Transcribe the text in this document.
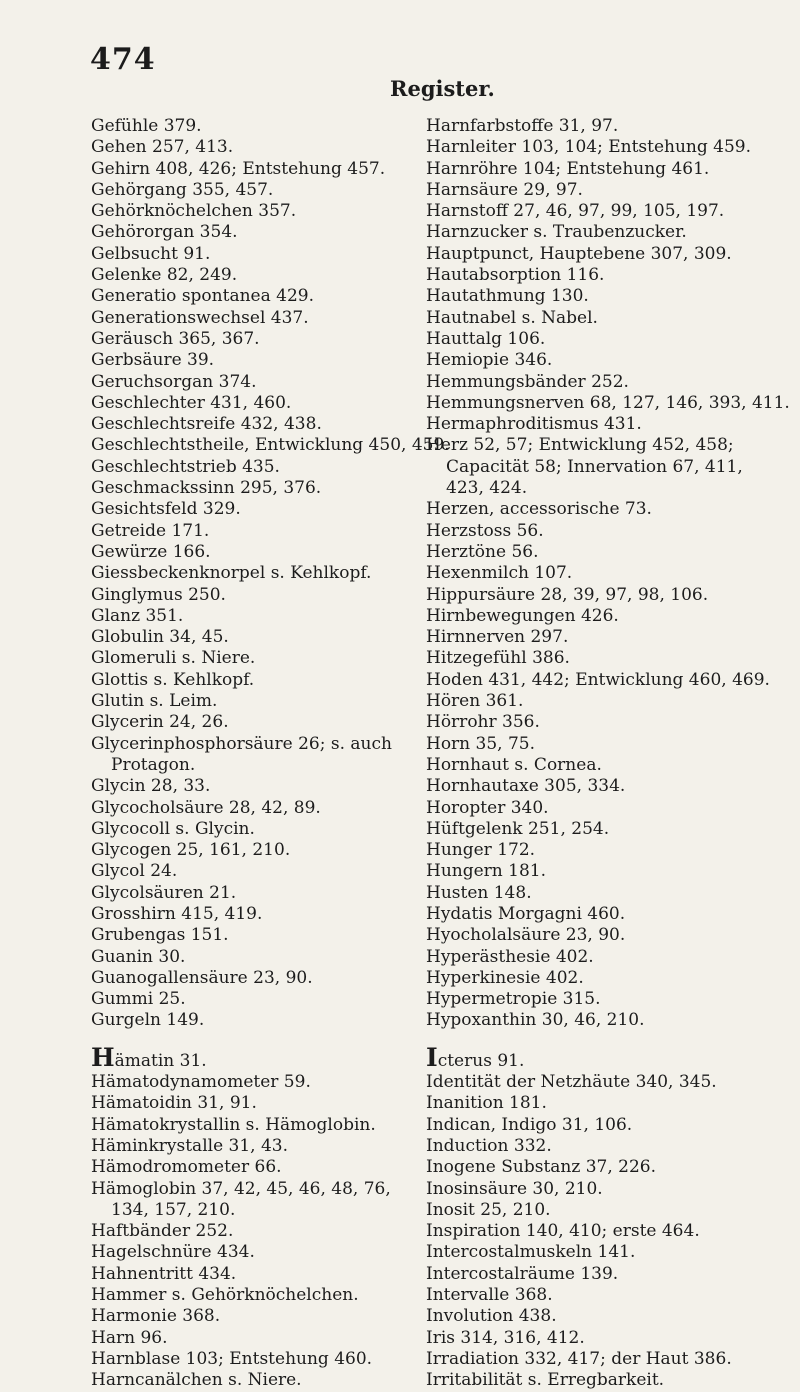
474
Register.
Gefühle 379.
Gehen 257, 413.
Gehirn 408, 426; Entstehung 457.
Gehörgang 355, 457.
Gehörknöchelchen 357.
Gehörorgan 354.
Gelbsucht 91.
Gelenke 82, 249.
Generatio spontanea 429.
Generationswechsel 437.
Geräusch 365, 367.
Gerbsäure 39.
Geruchsorgan 374.
Geschlechter 431, 460.
Geschlechtsreife 432, 438.
Geschlechtstheile, Entwicklung 450, 459.
Geschlechtstrieb 435.
Geschmackssinn 295, 376.
Gesichtsfeld 329.
Getreide 171.
Gewürze 166.
Giessbeckenknorpel s. Kehlkopf.
Ginglymus 250.
Glanz 351.
Globulin 34, 45.
Glomeruli s. Niere.
Glottis s. Kehlkopf.
Glutin s. Leim.
Glycerin 24, 26.
Glycerinphosphorsäure 26; s. auch Protagon.
Glycin 28, 33.
Glycocholsäure 28, 42, 89.
Glycocoll s. Glycin.
Glycogen 25, 161, 210.
Glycol 24.
Glycolsäuren 21.
Grosshirn 415, 419.
Grubengas 151.
Guanin 30.
Guanogallensäure 23, 90.
Gummi 25.
Gurgeln 149.
Hämatin 31.
Hämatodynamometer 59.
Hämatoidin 31, 91.
Hämatokrystallin s. Hämoglobin.
Häminkrystalle 31, 43.
Hämodromometer 66.
Hämoglobin 37, 42, 45, 46, 48, 76, 134, 157, 210.
Haftbänder 252.
Hagelschnüre 434.
Hahnentritt 434.
Hammer s. Gehörknöchelchen.
Harmonie 368.
Harn 96.
Harnblase 103; Entstehung 460.
Harncanälchen s. Niere.
Harnfarbstoffe 31, 97.
Harnleiter 103, 104; Entstehung 459.
Harnröhre 104; Entstehung 461.
Harnsäure 29, 97.
Harnstoff 27, 46, 97, 99, 105, 197.
Harnzucker s. Traubenzucker.
Hauptpunct, Hauptebene 307, 309.
Hautabsorption 116.
Hautathmung 130.
Hautnabel s. Nabel.
Hauttalg 106.
Hemiopie 346.
Hemmungsbänder 252.
Hemmungsnerven 68, 127, 146, 393, 411.
Hermaphroditismus 431.
Herz 52, 57; Entwicklung 452, 458; Capacität 58; Innervation 67, 411, 423, 424.
Herzen, accessorische 73.
Herzstoss 56.
Herztöne 56.
Hexenmilch 107.
Hippursäure 28, 39, 97, 98, 106.
Hirnbewegungen 426.
Hirnnerven 297.
Hitzegefühl 386.
Hoden 431, 442; Entwicklung 460, 469.
Hören 361.
Hörrohr 356.
Horn 35, 75.
Hornhaut s. Cornea.
Hornhautaxe 305, 334.
Horopter 340.
Hüftgelenk 251, 254.
Hunger 172.
Hungern 181.
Husten 148.
Hydatis Morgagni 460.
Hyocholalsäure 23, 90.
Hyperästhesie 402.
Hyperkinesie 402.
Hypermetropie 315.
Hypoxanthin 30, 46, 210.
Icterus 91.
Identität der Netzhäute 340, 345.
Inanition 181.
Indican, Indigo 31, 106.
Induction 332.
Inogene Substanz 37, 226.
Inosinsäure 30, 210.
Inosit 25, 210.
Inspiration 140, 410; erste 464.
Intercostalmuskeln 141.
Intercostalräume 139.
Intervalle 368.
Involution 438.
Iris 314, 316, 412.
Irradiation 332, 417; der Haut 386.
Irritabilität s. Erregbarkeit.
